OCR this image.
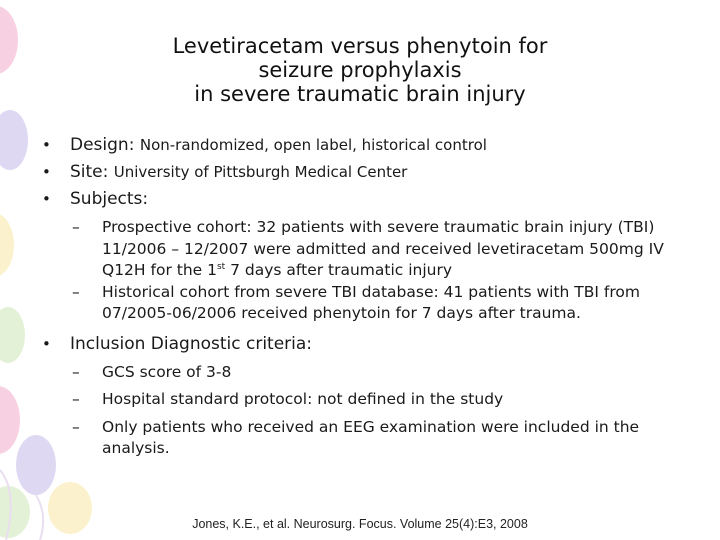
Levetiracetam versus phenytoin for
seizure prophylaxis
in severe traumatic brain injury
• Design: Non-randomized, open label, historical control
• Site: University of Pittsburgh Medical Center
• Subjects:
– Prospective cohort: 32 patients with severe traumatic brain injury (TBI) 11/2006 – 12/2007 were admitted and received levetiracetam 500mg IV Q12H for the 1st 7 days after traumatic injury
– Historical cohort from severe TBI database: 41 patients with TBI from 07/2005-06/2006 received phenytoin for 7 days after trauma.
• Inclusion Diagnostic criteria:
– GCS score of 3-8
– Hospital standard protocol: not defined in the study
– Only patients who received an EEG examination were included in the analysis.
Jones, K.E., et al. Neurosurg. Focus. Volume 25(4):E3, 2008
